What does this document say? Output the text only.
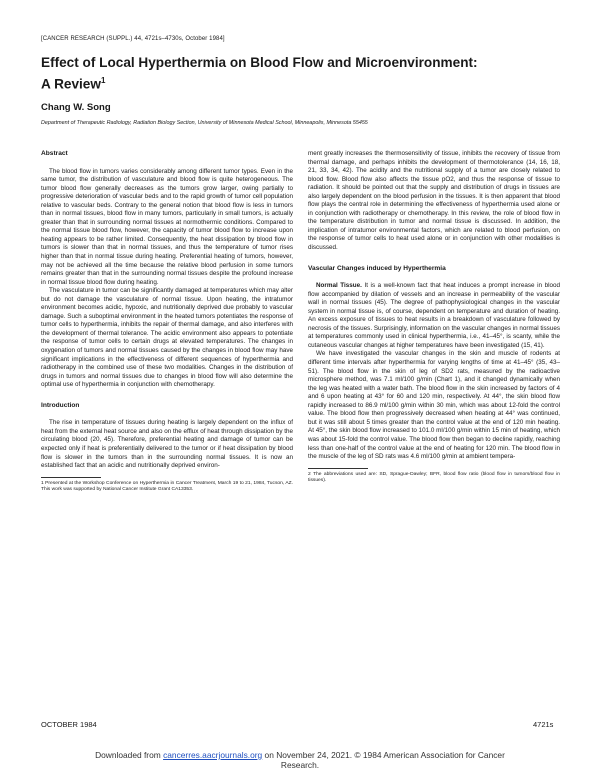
[CANCER RESEARCH (SUPPL.) 44, 4721s–4730s, October 1984]
Effect of Local Hyperthermia on Blood Flow and Microenvironment:
A Review$^1$
Chang W. Song
Department of Therapeutic Radiology, Radiation Biology Section, University of Minnesota Medical School, Minneapolis, Minnesota 55455
Abstract

The blood flow in tumors varies considerably among different tumor types. Even in the same tumor, the distribution of vasculature and blood flow is quite heterogeneous. The tumor blood flow generally decreases as the tumors grow larger, owing partially to progressive deterioration of vascular beds and to the rapid growth of tumor cell population relative to vascular beds. Contrary to the general notion that blood flow is less in tumors than in normal tissues, blood flow in many tumors, particularly in small tumors, is actually greater than that in surrounding normal tissues at normothermic conditions. Compared to the normal tissue blood flow, however, the capacity of tumor blood flow to increase upon heating appears to be rather limited. Consequently, the heat dissipation by blood flow in tumors is slower than that in normal tissues, and thus the temperature of tumor rises higher than that in normal tissue during heating. Preferential heating of tumors, however, may not be achieved all the time because the relative blood perfusion in some tumors remains greater than that in the surrounding normal tissues despite the profound increase in normal tissue blood flow during heating.

The vasculature in tumor can be significantly damaged at temperatures which may alter but do not damage the vasculature of normal tissue. Upon heating, the intratumor environment becomes acidic, hypoxic, and nutritionally deprived due probably to vascular damage. Such a suboptimal environment in the heated tumors potentiates the response of tumor cells to hyperthermia, inhibits the repair of thermal damage, and also interferes with the development of thermal tolerance. The acidic environment also appears to potentiate the response of tumor cells to certain drugs at elevated temperatures. The changes in oxygenation of tumors and normal tissues caused by the changes in blood flow may have significant implications in the effectiveness of different sequences of hyperthermia and radiotherapy in the combined use of these two modalities. Changes in the distribution of drugs in tumors and normal tissues due to changes in blood flow will also determine the optimal use of hyperthermia in conjunction with chemotherapy.

Introduction

The rise in temperature of tissues during heating is largely dependent on the influx of heat from the external heat source and also on the efflux of heat through dissipation by the circulating blood (20, 45). Therefore, preferential heating and damage of tumor can be expected only if heat is preferentially delivered to the tumor or if heat dissipation by blood flow is slower in the tumors than in the surrounding normal tissues. It is now an established fact that an acidic and nutritionally deprived environ-

1 Presented at the Workshop Conference on Hyperthermia in Cancer Treatment, March 19 to 21, 1984, Tucson, AZ. This work was supported by National Cancer Institute Grant CA13353.

ment greatly increases the thermosensitivity of tissue, inhibits the recovery of tissue from thermal damage, and perhaps inhibits the development of thermotolerance (14, 16, 18, 21, 33, 34, 42). The acidity and the nutritional supply of a tumor are closely related to blood flow. Blood flow also affects the tissue pO2, and thus the response of tissue to radiation. It should be pointed out that the supply and distribution of drugs in tissues are also largely dependent on the blood perfusion in the tissues. It is then apparent that blood flow plays the central role in determining the effectiveness of hyperthermia used alone or in conjunction with radiotherapy or chemotherapy. In this review, the role of blood flow in the temperature distribution in tumor and normal tissue is discussed. In addition, the implication of intratumor environmental factors, which are related to blood perfusion, on the response of tumor cells to heat used alone or in conjunction with other modalities is discussed.

Vascular Changes induced by Hyperthermia

Normal Tissue. It is a well-known fact that heat induces a prompt increase in blood flow accompanied by dilation of vessels and an increase in permeability of the vascular wall in normal tissues (45). The degree of pathophysiological changes in the vascular system in normal tissue is, of course, dependent on temperature and duration of heating. An excess exposure of tissues to heat results in a breakdown of vasculature followed by necrosis of the tissues. Surprisingly, information on the vascular changes in normal tissues at temperatures commonly used in clinical hyperthermia, i.e., 41–45°, is scanty, while the cutaneous vascular changes at higher temperatures have been investigated (15, 41).

We have investigated the vascular changes in the skin and muscle of rodents at different time intervals after hyperthermia for varying lengths of time at 41–45° (35, 43–51). The blood flow in the skin of leg of SD2 rats, measured by the radioactive microsphere method, was 7.1 ml/100 g/min (Chart 1), and it changed dynamically when the leg was heated with a water bath. The blood flow in the skin increased by factors of 4 and 6 upon heating at 43° for 60 and 120 min, respectively. At 44°, the skin blood flow rapidly increased to 86.9 ml/100 g/min within 30 min, which was about 12-fold the control value. The blood flow then progressively decreased when heating at 44° was continued, but it was still about 5 times greater than the control value at the end of 120 min heating. At 45°, the skin blood flow increased to 101.0 ml/100 g/min within 15 min of heating, which was about 15-fold the control value. The blood flow then began to decline rapidly, reaching less than one-half of the control value at the end of heating for 120 min. The blood flow in the muscle of the leg of SD rats was 4.6 ml/100 g/min at ambient tempera-

2 The abbreviations used are: SD, Sprague-Dawley; BFR, blood flow ratio (blood flow in tumors/blood flow in tissues).

OCTOBER 1984	4721s
Downloaded from cancerres.aacrjournals.org on November 24, 2021. © 1984 American Association for Cancer
Research.
